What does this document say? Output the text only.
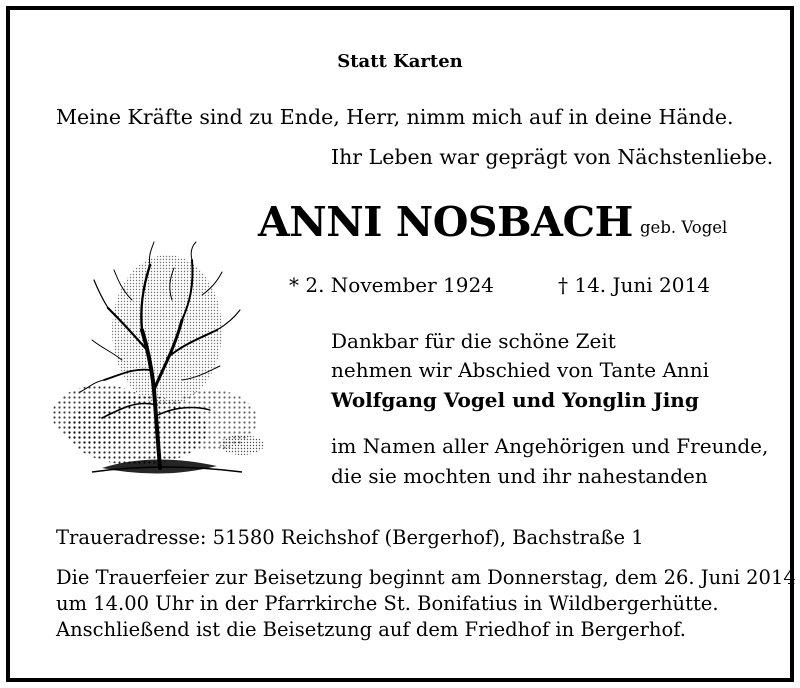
Statt Karten
Meine Kräfte sind zu Ende, Herr, nimm mich auf in deine Hände.
Ihr Leben war geprägt von Nächstenliebe.
ANNI NOSBACH geb. Vogel
* 2. November 1924	† 14. Juni 2014
Dankbar für die schöne Zeit
nehmen wir Abschied von Tante Anni
Wolfgang Vogel und Yonglin Jing
im Namen aller Angehörigen und Freunde,
die sie mochten und ihr nahestanden
Traueradresse: 51580 Reichshof (Bergerhof), Bachstraße 1
Die Trauerfeier zur Beisetzung beginnt am Donnerstag, dem 26. Juni 2014
um 14.00 Uhr in der Pfarrkirche St. Bonifatius in Wildbergerhütte.
Anschließend ist die Beisetzung auf dem Friedhof in Bergerhof.
